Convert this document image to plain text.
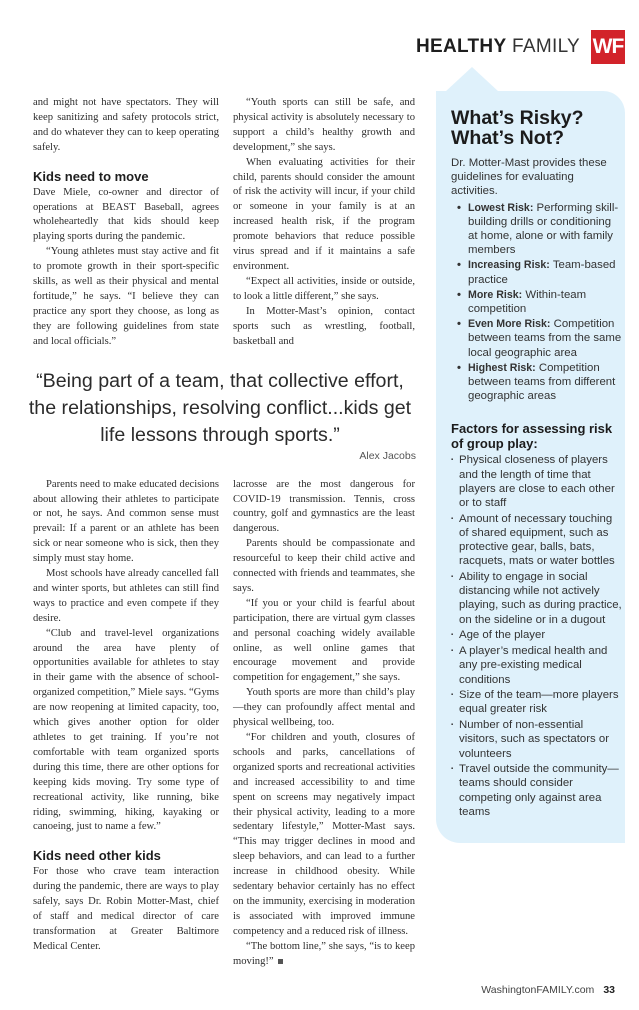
HEALTHY FAMILY WF

and might not have spectators. They will keep sanitizing and safety protocols strict, and do whatever they can to keep operating safely.

Kids need to move

Dave Miele, co-owner and director of operations at BEAST Baseball, agrees wholeheartedly that kids should keep playing sports during the pandemic.

“Young athletes must stay active and fit to promote growth in their sport-specific skills, as well as their physical and mental fortitude,” he says. “I believe they can practice any sport they choose, as long as they are following guidelines from state and local officials.”

“Youth sports can still be safe, and physical activity is absolutely necessary to support a child’s healthy growth and development,” she says.

When evaluating activities for their child, parents should consider the amount of risk the activity will incur, if your child or someone in your family is at an increased health risk, if the program promote behaviors that reduce possible virus spread and if it maintains a safe environment.

“Expect all activities, inside or outside, to look a little different,” she says.

In Motter-Mast’s opinion, contact sports such as wrestling, football, basketball and

“Being part of a team, that collective effort, the relationships, resolving conflict...kids get life lessons through sports.”
Alex Jacobs

Parents need to make educated decisions about allowing their athletes to participate or not, he says. And common sense must prevail: If a parent or an athlete has been sick or near someone who is sick, then they simply must stay home.

Most schools have already cancelled fall and winter sports, but athletes can still find ways to practice and even compete if they desire.

“Club and travel-level organizations around the area have plenty of opportunities available for athletes to stay in their game with the absence of school-organized competition,” Miele says. “Gyms are now reopening at limited capacity, too, which gives another option for older athletes to get training. If you’re not comfortable with team organized sports during this time, there are other options for keeping kids moving. Try some type of recreational activity, like running, bike riding, swimming, hiking, kayaking or canoeing, just to name a few.”

Kids need other kids

For those who crave team interaction during the pandemic, there are ways to play safely, says Dr. Robin Motter-Mast, chief of staff and medical director of care transformation at Greater Baltimore Medical Center.

lacrosse are the most dangerous for COVID-19 transmission. Tennis, cross country, golf and gymnastics are the least dangerous.

Parents should be compassionate and resourceful to keep their child active and connected with friends and teammates, she says.

“If you or your child is fearful about participation, there are virtual gym classes and personal coaching widely available online, as well online games that encourage movement and provide competition for engagement,” she says.

Youth sports are more than child’s play—they can profoundly affect mental and physical wellbeing, too.

“For children and youth, closures of schools and parks, cancellations of organized sports and recreational activities and increased accessibility to and time spent on screens may negatively impact their physical activity, leading to a more sedentary lifestyle,” Motter-Mast says. “This may trigger declines in mood and sleep behaviors, and can lead to a further increase in childhood obesity. While sedentary behavior certainly has no effect on the immunity, exercising in moderation is associated with improved immune competency and a reduced risk of illness.

“The bottom line,” she says, “is to keep moving!”

What’s Risky? What’s Not?
Dr. Motter-Mast provides these guidelines for evaluating activities.
• Lowest Risk: Performing skill-building drills or conditioning at home, alone or with family members
• Increasing Risk: Team-based practice
• More Risk: Within-team competition
• Even More Risk: Competition between teams from the same local geographic area
• Highest Risk: Competition between teams from different geographic areas
Factors for assessing risk of group play:
▪ Physical closeness of players and the length of time that players are close to each other or to staff
▪ Amount of necessary touching of shared equipment, such as protective gear, balls, bats, racquets, mats or water bottles
▪ Ability to engage in social distancing while not actively playing, such as during practice, on the sideline or in a dugout
▪ Age of the player
▪ A player’s medical health and any pre-existing medical conditions
▪ Size of the team—more players equal greater risk
▪ Number of non-essential visitors, such as spectators or volunteers
▪ Travel outside the community—teams should consider competing only against area teams
WashingtonFAMILY.com 33
